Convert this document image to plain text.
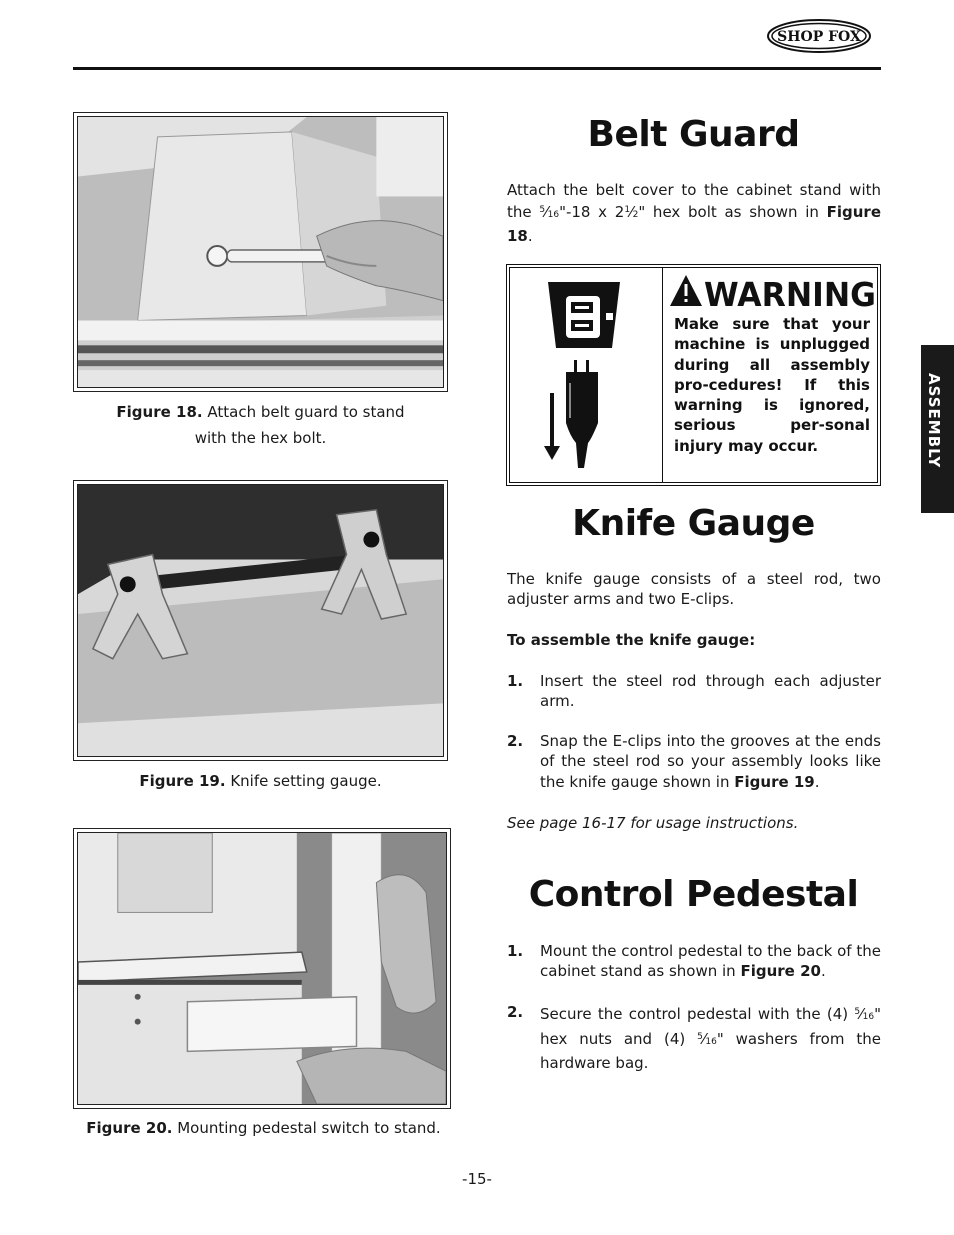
SHOP FOX
ASSEMBLY
Figure 18. Attach belt guard to stand
with the hex bolt.
Figure 19. Knife setting gauge.
Figure 20. Mounting pedestal switch to stand.
Belt Guard
Attach the belt cover to the cabinet stand with the $^5$⁄16"-18 x $2^1⁄2$" hex bolt as shown in Figure 18.
WARNING
Make sure that your machine is unplugged during all assembly pro-cedures! If this warning is ignored, serious per-sonal injury may occur.
Knife Gauge
The knife gauge consists of a steel rod, two adjuster arms and two E-clips.
To assemble the knife gauge:
1. Insert the steel rod through each adjuster arm.
2. Snap the E-clips into the grooves at the ends of the steel rod so your assembly looks like the knife gauge shown in Figure 19.
See page 16-17 for usage instructions.
Control Pedestal
1. Mount the control pedestal to the back of the cabinet stand as shown in Figure 20.
2. Secure the control pedestal with the (4) $^5$⁄16" hex nuts and (4) $^5$⁄16" washers from the hardware bag.
-15-
